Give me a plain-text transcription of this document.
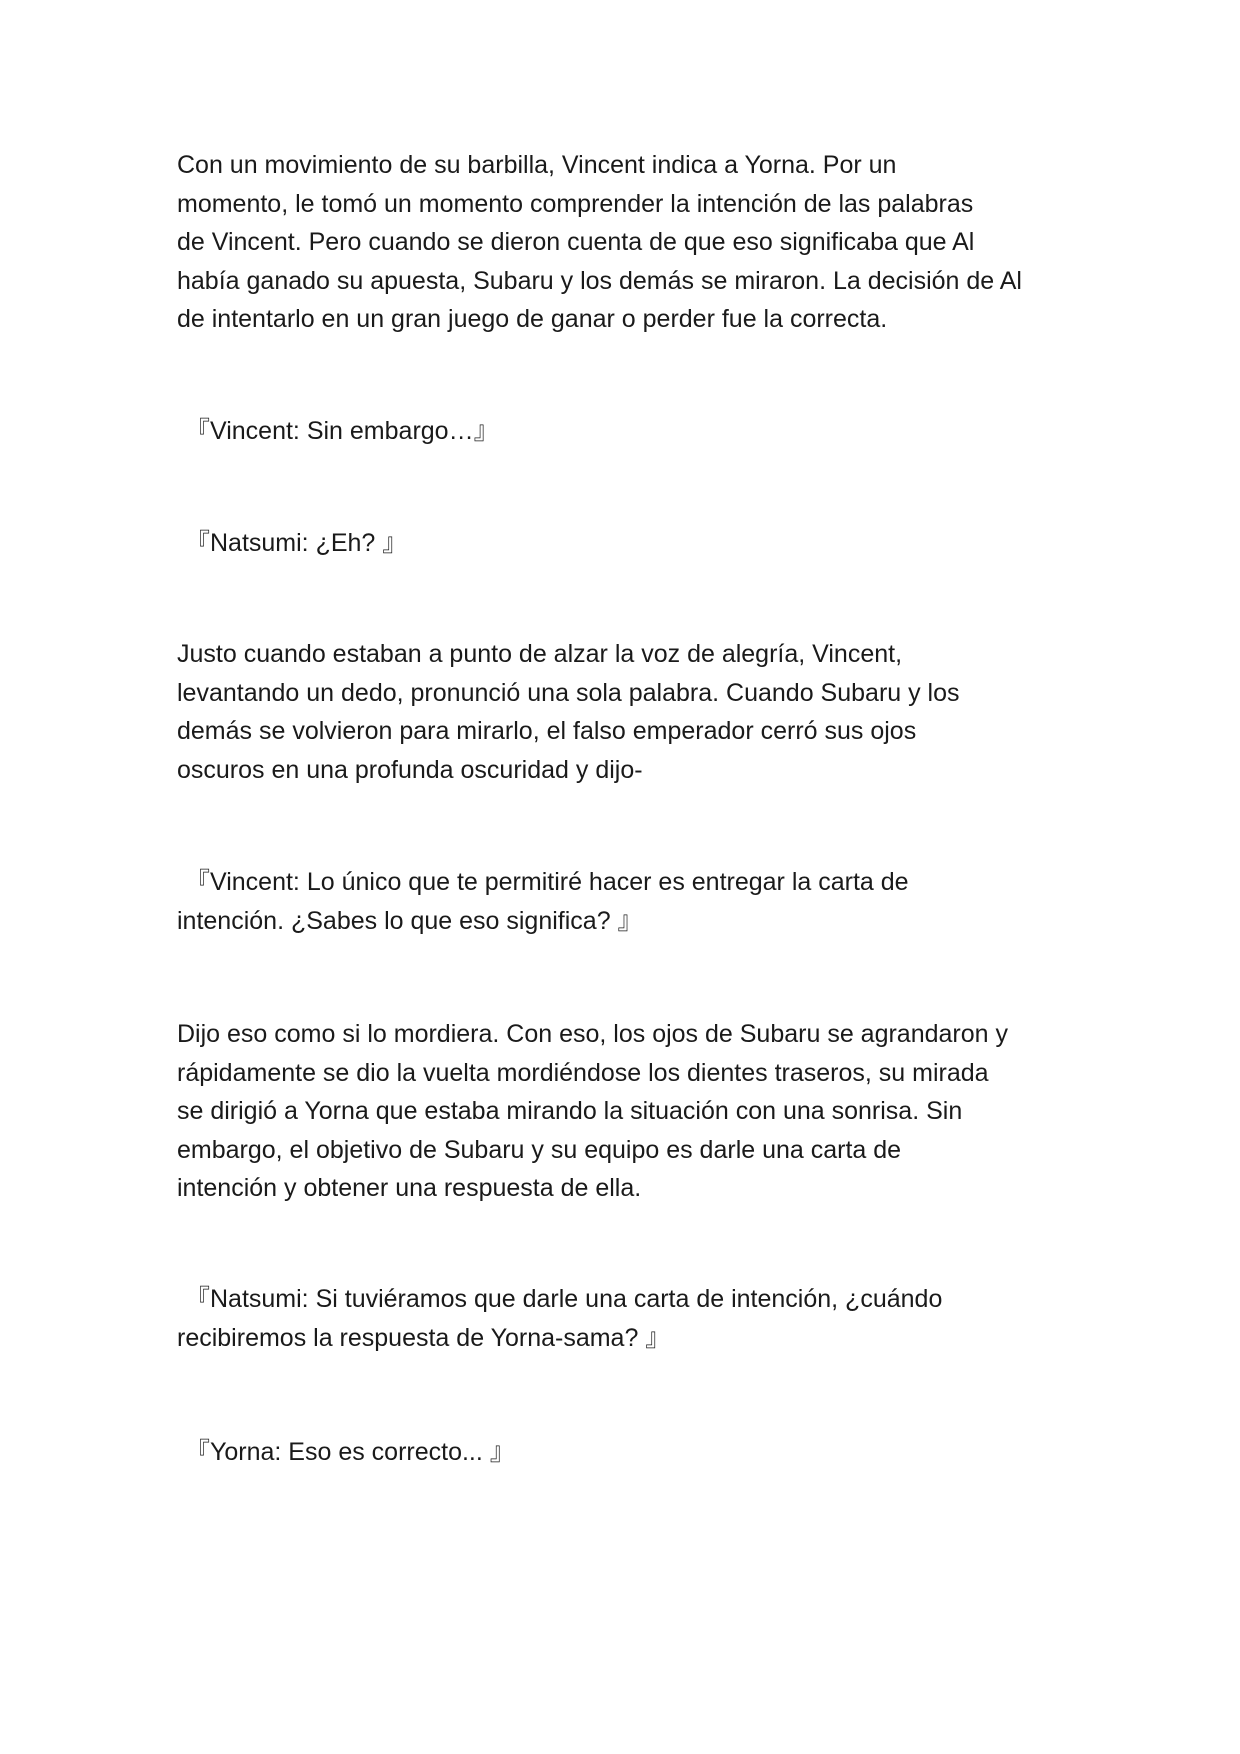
Con un movimiento de su barbilla, Vincent indica a Yorna. Por un
momento, le tomó un momento comprender la intención de las palabras
de Vincent. Pero cuando se dieron cuenta de que eso significaba que Al
había ganado su apuesta, Subaru y los demás se miraron. La decisión de Al
de intentarlo en un gran juego de ganar o perder fue la correcta.

『Vincent: Sin embargo…』

『Natsumi: ¿Eh? 』

Justo cuando estaban a punto de alzar la voz de alegría, Vincent,
levantando un dedo, pronunció una sola palabra. Cuando Subaru y los
demás se volvieron para mirarlo, el falso emperador cerró sus ojos
oscuros en una profunda oscuridad y dijo-

『Vincent: Lo único que te permitiré hacer es entregar la carta de
intención. ¿Sabes lo que eso significa? 』

Dijo eso como si lo mordiera. Con eso, los ojos de Subaru se agrandaron y
rápidamente se dio la vuelta mordiéndose los dientes traseros, su mirada
se dirigió a Yorna que estaba mirando la situación con una sonrisa. Sin
embargo, el objetivo de Subaru y su equipo es darle una carta de
intención y obtener una respuesta de ella.

『Natsumi: Si tuviéramos que darle una carta de intención, ¿cuándo
recibiremos la respuesta de Yorna-sama? 』

『Yorna: Eso es correcto... 』
